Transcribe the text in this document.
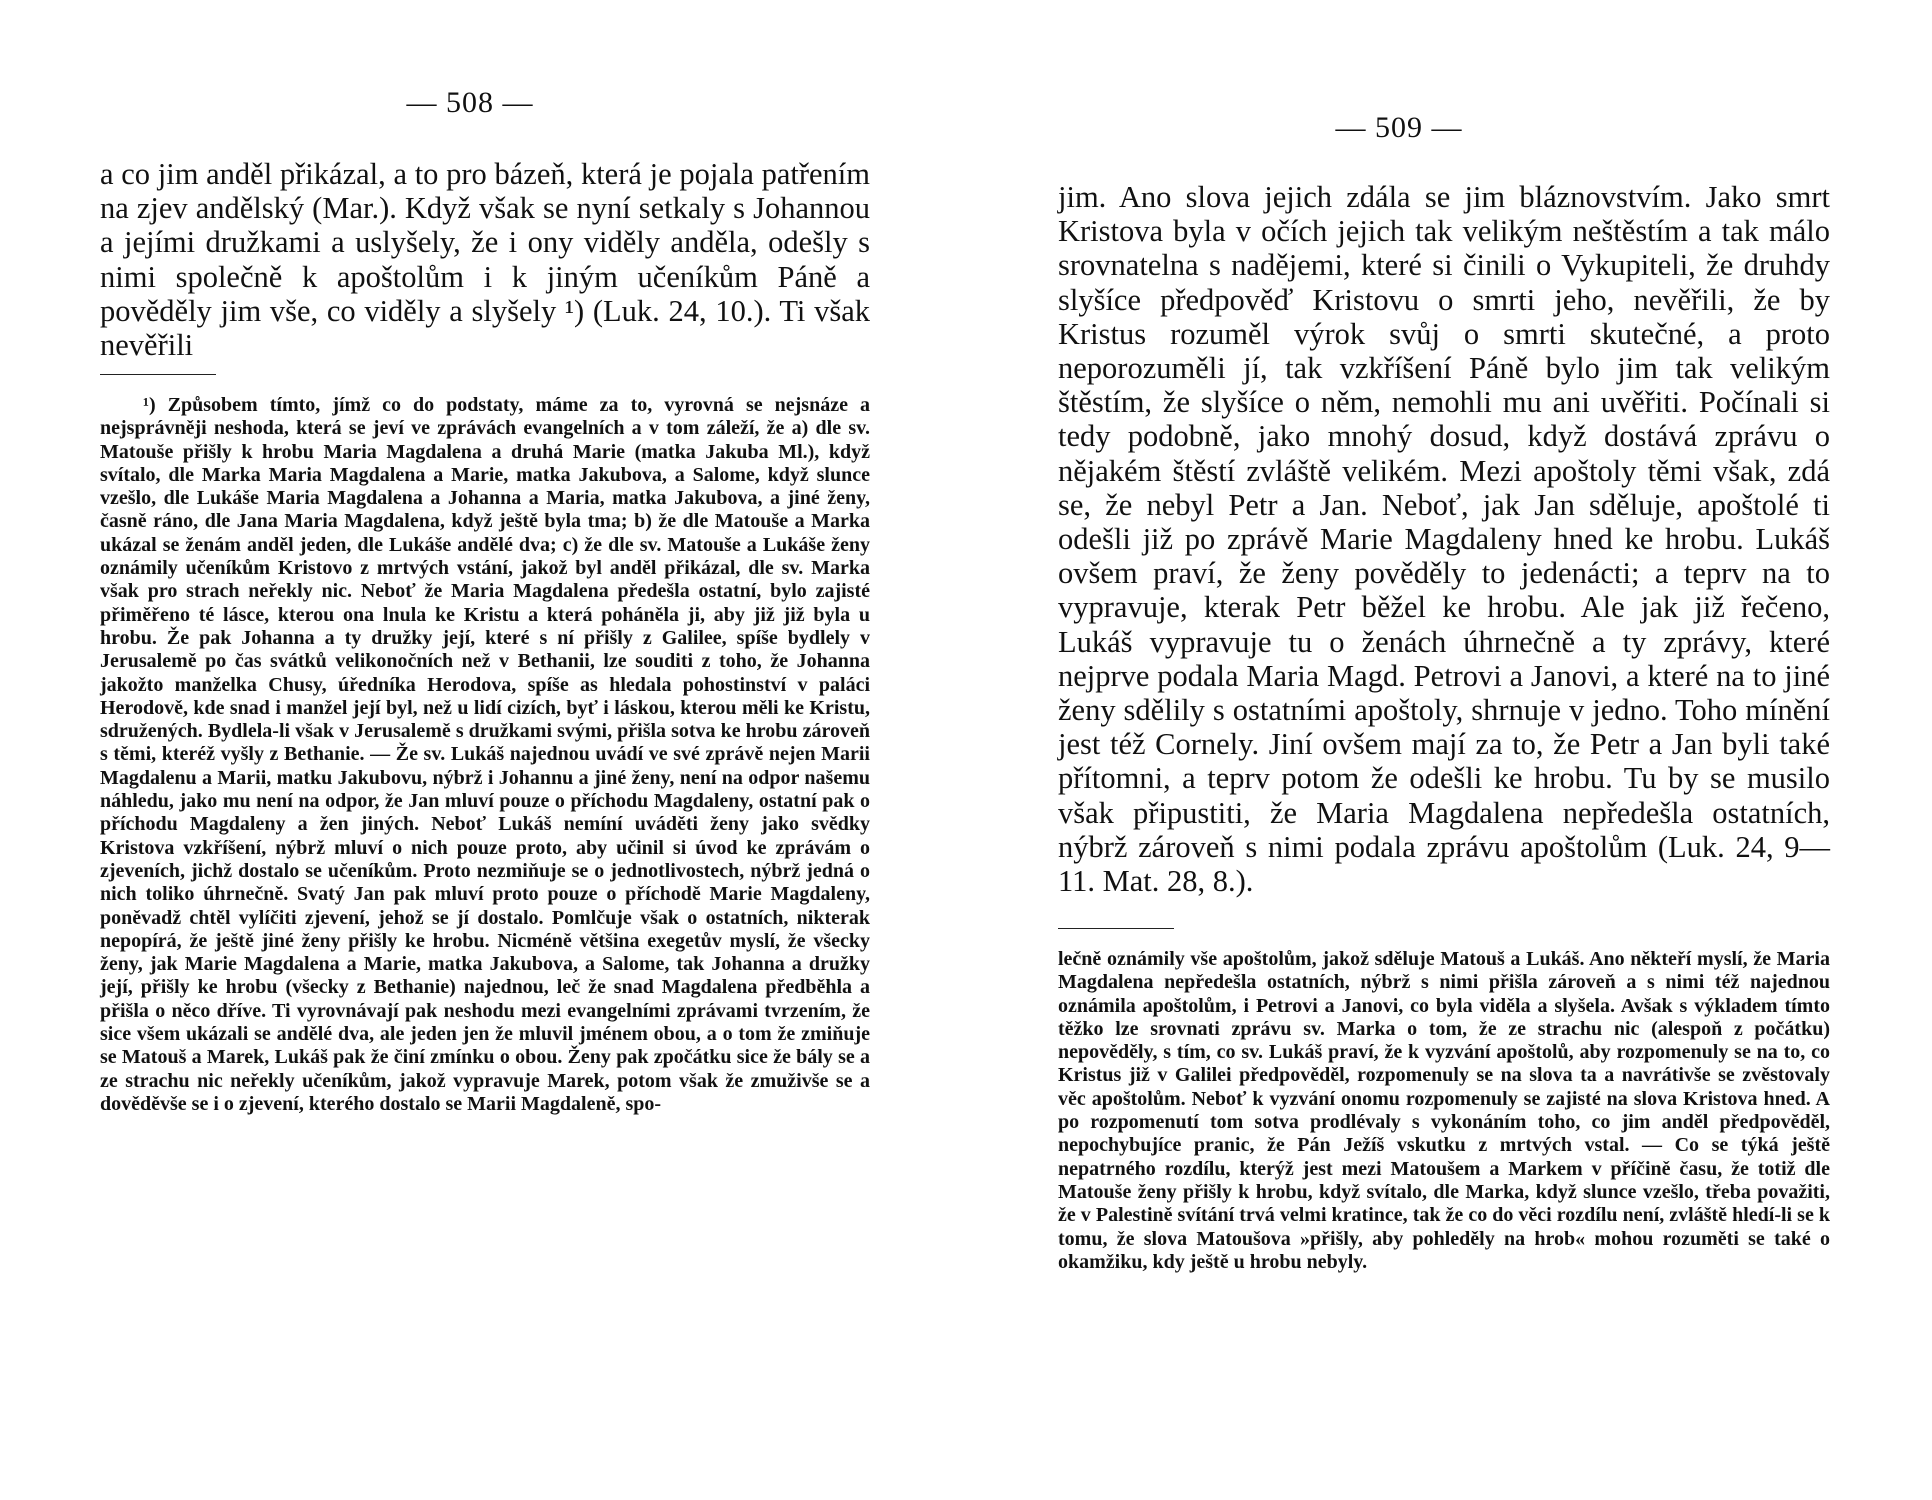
— 508 —

a co jim anděl přikázal, a to pro bázeň, která je pojala patřením na zjev andělský (Mar.). Když však se nyní setkaly s Johannou a jejími družkami a uslyšely, že i ony viděly anděla, odešly s nimi společně k apoštolům i k jiným učeníkům Páně a pověděly jim vše, co viděly a slyšely ¹) (Luk. 24, 10.). Ti však nevěřili

¹) Způsobem tímto, jímž co do podstaty, máme za to, vyrovná se nejsnáze a nejsprávněji neshoda, která se jeví ve zprávách evangelních a v tom záleží, že a) dle sv. Matouše přišly k hrobu Maria Magdalena a druhá Marie (matka Jakuba Ml.), když svítalo, dle Marka Maria Magdalena a Marie, matka Jakubova, a Salome, když slunce vzešlo, dle Lukáše Maria Magdalena a Johanna a Maria, matka Jakubova, a jiné ženy, časně ráno, dle Jana Maria Magdalena, když ještě byla tma; b) že dle Matouše a Marka ukázal se ženám anděl jeden, dle Lukáše andělé dva; c) že dle sv. Matouše a Lukáše ženy oznámily učeníkům Kristovo z mrtvých vstání, jakož byl anděl přikázal, dle sv. Marka však pro strach neřekly nic. Neboť že Maria Magdalena předešla ostatní, bylo zajisté přiměřeno té lásce, kterou ona lnula ke Kristu a která poháněla ji, aby již již byla u hrobu. Že pak Johanna a ty družky její, které s ní přišly z Galilee, spíše bydlely v Jerusalemě po čas svátků velikonočních než v Bethanii, lze souditi z toho, že Johanna jakožto manželka Chusy, úředníka Herodova, spíše as hledala pohostinství v paláci Herodově, kde snad i manžel její byl, než u lidí cizích, byť i láskou, kterou měli ke Kristu, sdružených. Bydlela-li však v Jerusalemě s družkami svými, přišla sotva ke hrobu zároveň s těmi, kteréž vyšly z Bethanie. — Že sv. Lukáš najednou uvádí ve své zprávě nejen Marii Magdalenu a Marii, matku Jakubovu, nýbrž i Johannu a jiné ženy, není na odpor našemu náhledu, jako mu není na odpor, že Jan mluví pouze o příchodu Magdaleny, ostatní pak o příchodu Magdaleny a žen jiných. Neboť Lukáš nemíní uváděti ženy jako svědky Kristova vzkříšení, nýbrž mluví o nich pouze proto, aby učinil si úvod ke zprávám o zjeveních, jichž dostalo se učeníkům. Proto nezmiňuje se o jednotlivostech, nýbrž jedná o nich toliko úhrnečně. Svatý Jan pak mluví proto pouze o příchodě Marie Magdaleny, poněvadž chtěl vylíčiti zjevení, jehož se jí dostalo. Pomlčuje však o ostatních, nikterak nepopírá, že ještě jiné ženy přišly ke hrobu. Nicméně většina exegetův myslí, že všecky ženy, jak Marie Magdalena a Marie, matka Jakubova, a Salome, tak Johanna a družky její, přišly ke hrobu (všecky z Bethanie) najednou, leč že snad Magdalena předběhla a přišla o něco dříve. Ti vyrovnávají pak neshodu mezi evangelními zprávami tvrzením, že sice všem ukázali se andělé dva, ale jeden jen že mluvil jménem obou, a o tom že zmiňuje se Matouš a Marek, Lukáš pak že činí zmínku o obou. Ženy pak zpočátku sice že bály se a ze strachu nic neřekly učeníkům, jakož vypravuje Marek, potom však že zmuživše se a dověděvše se i o zjevení, kterého dostalo se Marii Magdaleně, spo-

— 509 —

jim. Ano slova jejich zdála se jim bláznovstvím. Jako smrt Kristova byla v očích jejich tak velikým neštěstím a tak málo srovnatelna s nadějemi, které si činili o Vykupiteli, že druhdy slyšíce předpověď Kristovu o smrti jeho, nevěřili, že by Kristus rozuměl výrok svůj o smrti skutečné, a proto neporozuměli jí, tak vzkříšení Páně bylo jim tak velikým štěstím, že slyšíce o něm, nemohli mu ani uvěřiti. Počínali si tedy podobně, jako mnohý dosud, když dostává zprávu o nějakém štěstí zvláště velikém. Mezi apoštoly těmi však, zdá se, že nebyl Petr a Jan. Neboť, jak Jan sděluje, apoštolé ti odešli již po zprávě Marie Magdaleny hned ke hrobu. Lukáš ovšem praví, že ženy pověděly to jedenácti; a teprv na to vypravuje, kterak Petr běžel ke hrobu. Ale jak již řečeno, Lukáš vypravuje tu o ženách úhrnečně a ty zprávy, které nejprve podala Maria Magd. Petrovi a Janovi, a které na to jiné ženy sdělily s ostatními apoštoly, shrnuje v jedno. Toho mínění jest též Cornely. Jiní ovšem mají za to, že Petr a Jan byli také přítomni, a teprv potom že odešli ke hrobu. Tu by se musilo však připustiti, že Maria Magdalena nepředešla ostatních, nýbrž zároveň s nimi podala zprávu apoštolům (Luk. 24, 9—11. Mat. 28, 8.).

lečně oznámily vše apoštolům, jakož sděluje Matouš a Lukáš. Ano někteří myslí, že Maria Magdalena nepředešla ostatních, nýbrž s nimi přišla zároveň a s nimi též najednou oznámila apoštolům, i Petrovi a Janovi, co byla viděla a slyšela. Avšak s výkladem tímto těžko lze srovnati zprávu sv. Marka o tom, že ze strachu nic (alespoň z počátku) nepověděly, s tím, co sv. Lukáš praví, že k vyzvání apoštolů, aby rozpomenuly se na to, co Kristus již v Galilei předpověděl, rozpomenuly se na slova ta a navrátivše se zvěstovaly věc apoštolům. Neboť k vyzvání onomu rozpomenuly se zajisté na slova Kristova hned. A po rozpomenutí tom sotva prodlévaly s vykonáním toho, co jim anděl předpověděl, nepochybujíce pranic, že Pán Ježíš vskutku z mrtvých vstal. — Co se týká ještě nepatrného rozdílu, kterýž jest mezi Matoušem a Markem v příčině času, že totiž dle Matouše ženy přišly k hrobu, když svítalo, dle Marka, když slunce vzešlo, třeba považiti, že v Palestině svítání trvá velmi kratince, tak že co do věci rozdílu není, zvláště hledí-li se k tomu, že slova Matoušova »přišly, aby pohleděly na hrob« mohou rozuměti se také o okamžiku, kdy ještě u hrobu nebyly.
